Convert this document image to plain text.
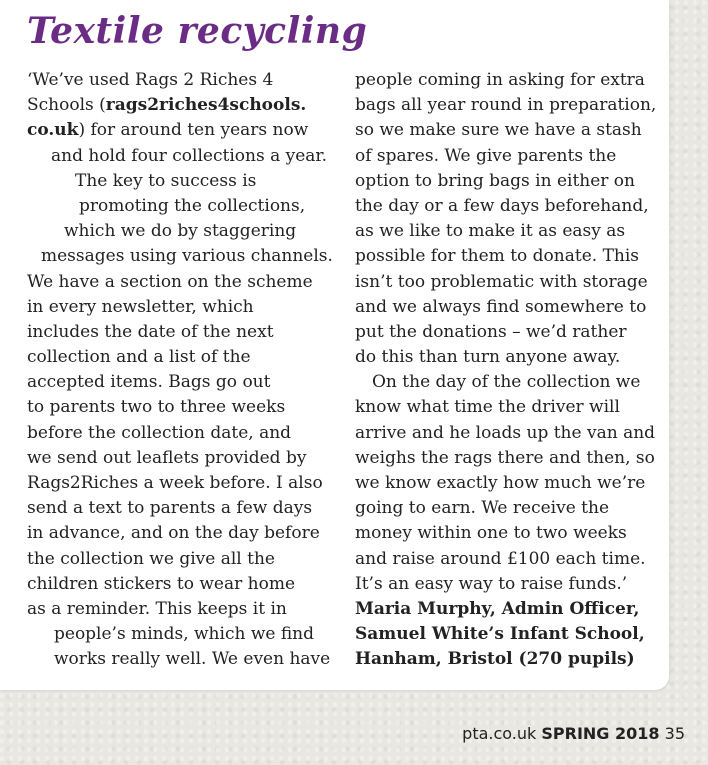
Textile recycling
‘We’ve used Rags 2 Riches 4
Schools (rags2riches4schools.
co.uk) for around ten years now
and hold four collections a year.
The key to success is
promoting the collections,
which we do by staggering
messages using various channels.
We have a section on the scheme
in every newsletter, which
includes the date of the next
collection and a list of the
accepted items. Bags go out
to parents two to three weeks
before the collection date, and
we send out leaflets provided by
Rags2Riches a week before. I also
send a text to parents a few days
in advance, and on the day before
the collection we give all the
children stickers to wear home
as a reminder. This keeps it in
people’s minds, which we find
works really well. We even have
people coming in asking for extra
bags all year round in preparation,
so we make sure we have a stash
of spares. We give parents the
option to bring bags in either on
the day or a few days beforehand,
as we like to make it as easy as
possible for them to donate. This
isn’t too problematic with storage
and we always find somewhere to
put the donations – we’d rather
do this than turn anyone away.
On the day of the collection we
know what time the driver will
arrive and he loads up the van and
weighs the rags there and then, so
we know exactly how much we’re
going to earn. We receive the
money within one to two weeks
and raise around £100 each time.
It’s an easy way to raise funds.’
Maria Murphy, Admin Officer,
Samuel White’s Infant School,
Hanham, Bristol (270 pupils)
pta.co.uk SPRING 2018 35
